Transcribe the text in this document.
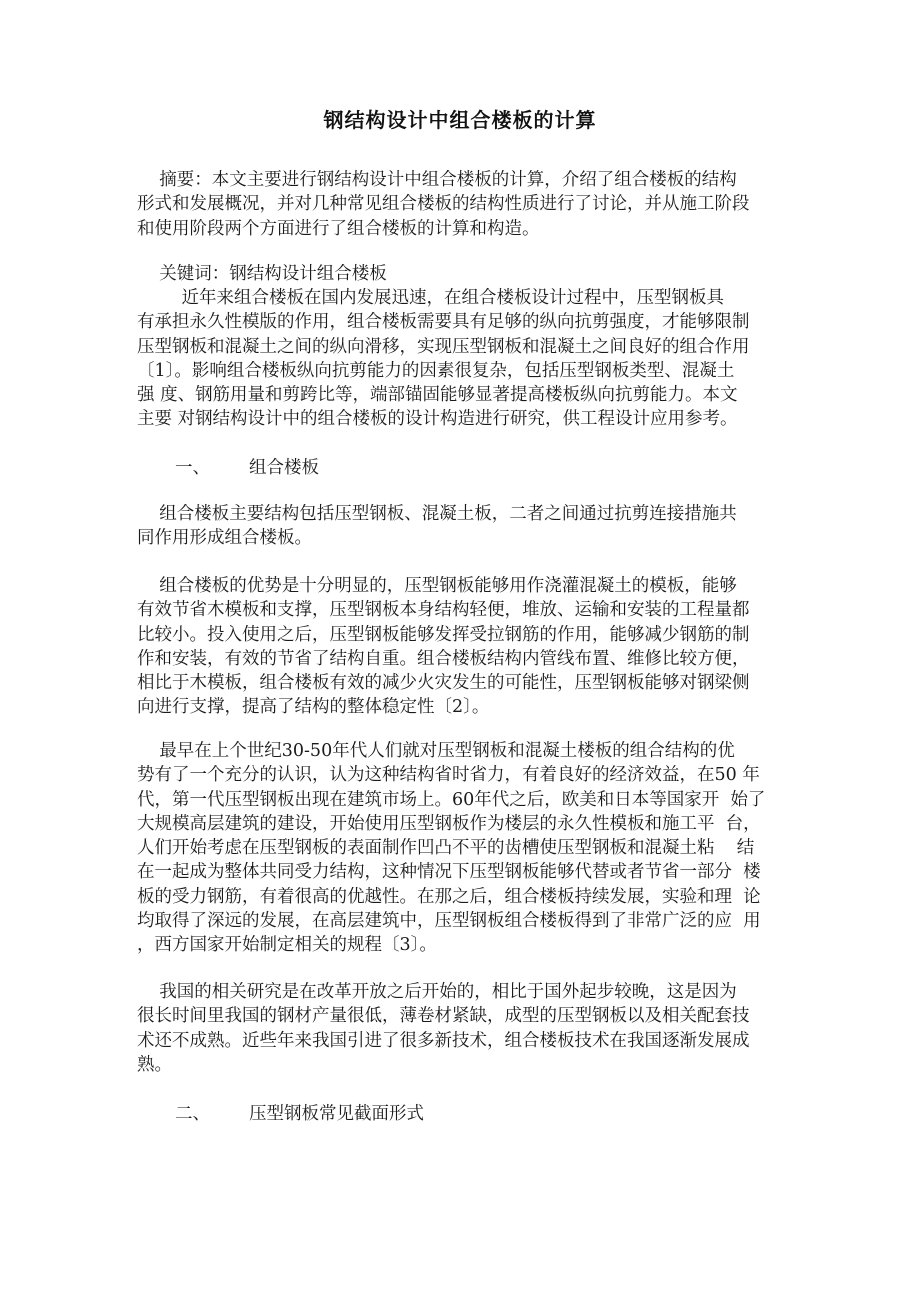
钢结构设计中组合楼板的计算
摘要：本文主要进行钢结构设计中组合楼板的计算，介绍了组合楼板的结构
形式和发展概况，并对几种常见组合楼板的结构性质进行了讨论，并从施工阶段
和使用阶段两个方面进行了组合楼板的计算和构造。
关键词：钢结构设计组合楼板
近年来组合楼板在国内发展迅速，在组合楼板设计过程中，压型钢板具
有承担永久性模版的作用，组合楼板需要具有足够的纵向抗剪强度，才能够限制
压型钢板和混凝土之间的纵向滑移，实现压型钢板和混凝土之间良好的组合作用
〔1〕。影响组合楼板纵向抗剪能力的因素很复杂，包括压型钢板类型、混凝土
强 度、钢筋用量和剪跨比等，端部锚固能够显著提高楼板纵向抗剪能力。本文
主要 对钢结构设计中的组合楼板的设计构造进行研究，供工程设计应用参考。
一、 组合楼板
组合楼板主要结构包括压型钢板、混凝土板，二者之间通过抗剪连接措施共
同作用形成组合楼板。
组合楼板的优势是十分明显的，压型钢板能够用作浇灌混凝土的模板，能够
有效节省木模板和支撑，压型钢板本身结构轻便，堆放、运输和安装的工程量都
比较小。投入使用之后，压型钢板能够发挥受拉钢筋的作用，能够减少钢筋的制
作和安装，有效的节省了结构自重。组合楼板结构内管线布置、维修比较方便，
相比于木模板，组合楼板有效的减少火灾发生的可能性，压型钢板能够对钢梁侧
向进行支撑，提高了结构的整体稳定性〔2〕。
最早在上个世纪30-50年代人们就对压型钢板和混凝土楼板的组合结构的优
势有了一个充分的认识，认为这种结构省时省力，有着良好的经济效益，在50 年
代，第一代压型钢板出现在建筑市场上。60年代之后，欧美和日本等国家开  始了
大规模高层建筑的建设，开始使用压型钢板作为楼层的永久性模板和施工平  台，
人们开始考虑在压型钢板的表面制作凹凸不平的齿槽使压型钢板和混凝土粘    结
在一起成为整体共同受力结构，这种情况下压型钢板能够代替或者节省一部分  楼
板的受力钢筋，有着很高的优越性。在那之后，组合楼板持续发展，实验和理  论
均取得了深远的发展，在高层建筑中，压型钢板组合楼板得到了非常广泛的应  用
，西方国家开始制定相关的规程〔3〕。
我国的相关研究是在改革开放之后开始的，相比于国外起步较晚，这是因为
很长时间里我国的钢材产量很低，薄卷材紧缺，成型的压型钢板以及相关配套技
术还不成熟。近些年来我国引进了很多新技术，组合楼板技术在我国逐渐发展成
熟。
二、 压型钢板常见截面形式
